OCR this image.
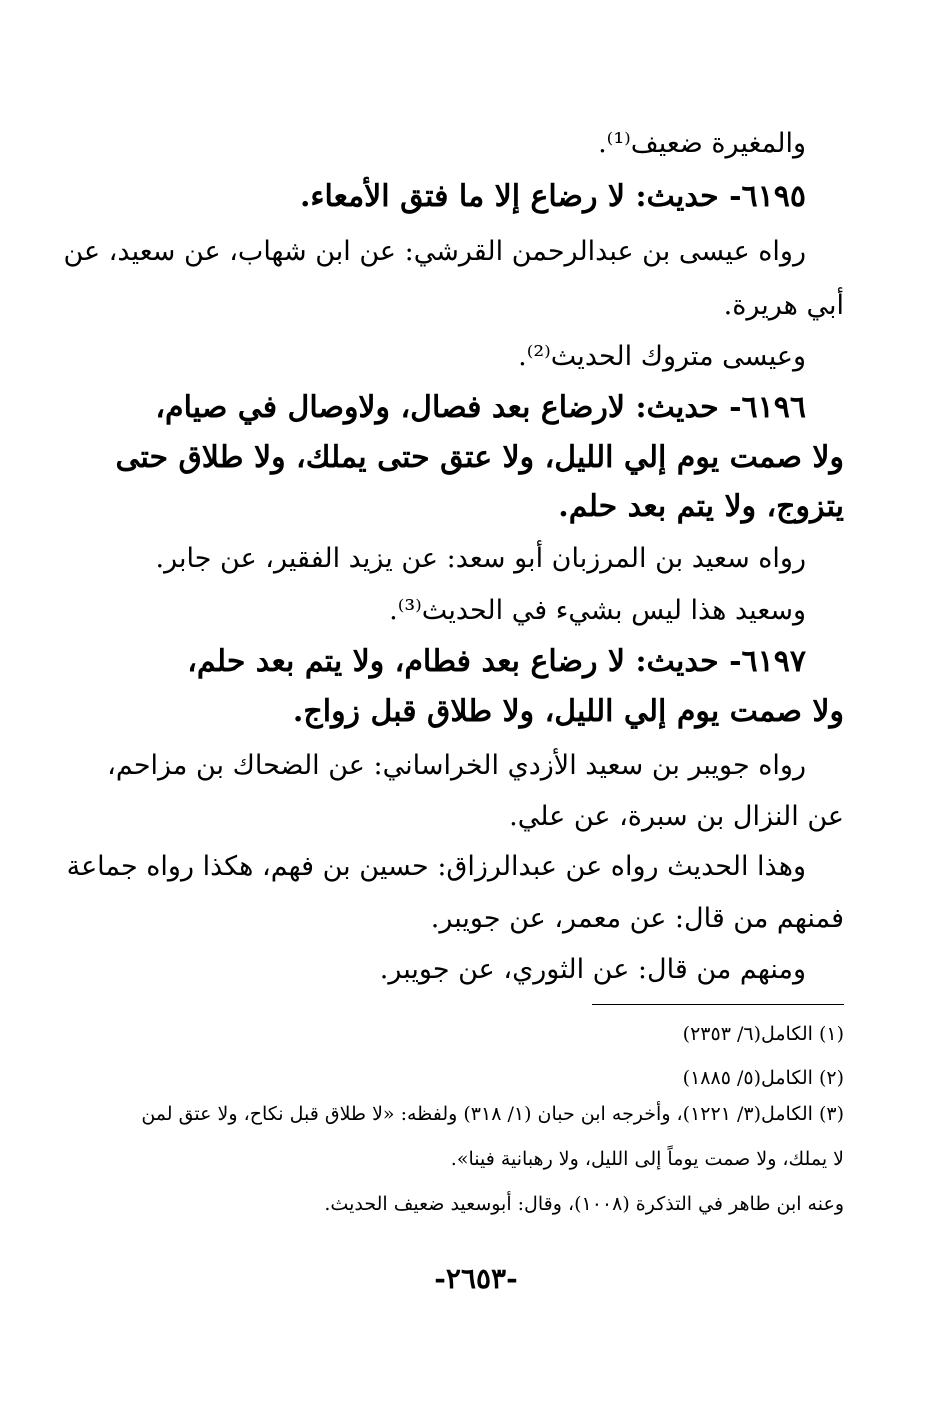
والمغيرة ضعيف⁽¹⁾.
٦١٩٥- حديث: لا رضاع إلا ما فتق الأمعاء.
رواه عيسى بن عبدالرحمن القرشي: عن ابن شهاب، عن سعيد، عن
أبي هريرة.
وعيسى متروك الحديث⁽²⁾.
٦١٩٦- حديث: لارضاع بعد فصال، ولاوصال في صيام،
ولا صمت يوم إلي الليل، ولا عتق حتى يملك، ولا طلاق حتى
يتزوج، ولا يتم بعد حلم.
رواه سعيد بن المرزبان أبو سعد: عن يزيد الفقير، عن جابر.
وسعيد هذا ليس بشيء في الحديث⁽³⁾.
٦١٩٧- حديث: لا رضاع بعد فطام، ولا يتم بعد حلم،
ولا صمت يوم إلي الليل، ولا طلاق قبل زواج.
رواه جويبر بن سعيد الأزدي الخراساني: عن الضحاك بن مزاحم،
عن النزال بن سبرة، عن علي.
وهذا الحديث رواه عن عبدالرزاق: حسين بن فهم، هكذا رواه جماعة
فمنهم من قال: عن معمر، عن جويبر.
ومنهم من قال: عن الثوري، عن جويبر.
(١) الكامل(٦/ ٢٣٥٣)
(٢) الكامل(٥/ ١٨٨٥)
(٣) الكامل(٣/ ١٢٢١)، وأخرجه ابن حبان (١/ ٣١٨) ولفظه: «لا طلاق قبل نكاح، ولا عتق لمن
لا يملك، ولا صمت يوماً إلى الليل، ولا رهبانية فينا».
وعنه ابن طاهر في التذكرة (١٠٠٨)، وقال: أبوسعيد ضعيف الحديث.
-٢٦٥٣-
